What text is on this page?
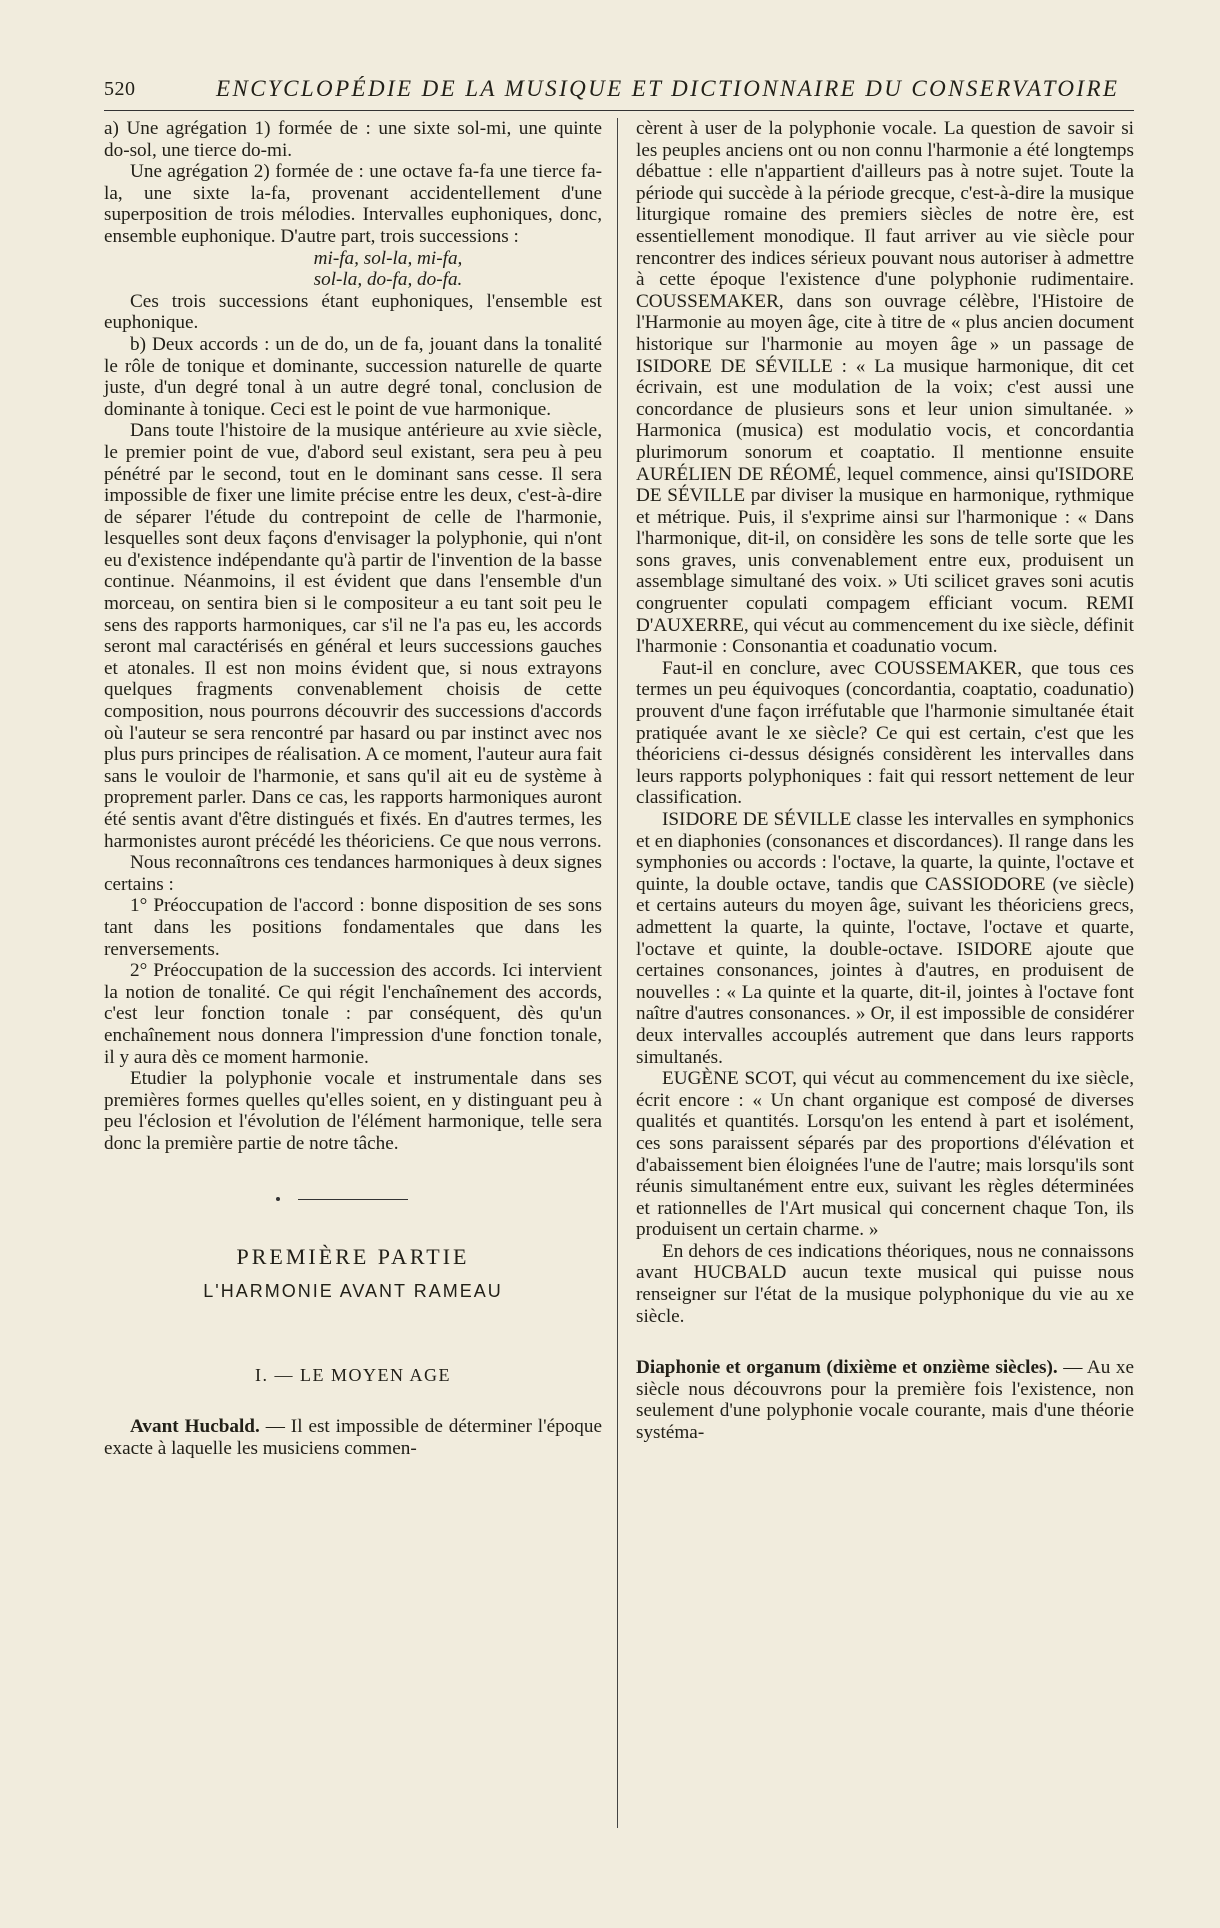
520	ENCYCLOPÉDIE DE LA MUSIQUE ET DICTIONNAIRE DU CONSERVATOIRE

a) Une agrégation 1) formée de : une sixte sol-mi, une quinte do-sol, une tierce do-mi.

Une agrégation 2) formée de : une octave fa-fa une tierce fa-la, une sixte la-fa, provenant accidentellement d'une superposition de trois mélodies. Intervalles euphoniques, donc, ensemble euphonique. D'autre part, trois successions :

mi-fa, sol-la, mi-fa,

sol-la, do-fa, do-fa.

Ces trois successions étant euphoniques, l'ensemble est euphonique.

b) Deux accords : un de do, un de fa, jouant dans la tonalité le rôle de tonique et dominante, succession naturelle de quarte juste, d'un degré tonal à un autre degré tonal, conclusion de dominante à tonique. Ceci est le point de vue harmonique.

Dans toute l'histoire de la musique antérieure au xvie siècle, le premier point de vue, d'abord seul existant, sera peu à peu pénétré par le second, tout en le dominant sans cesse. Il sera impossible de fixer une limite précise entre les deux, c'est-à-dire de séparer l'étude du contrepoint de celle de l'harmonie, lesquelles sont deux façons d'envisager la polyphonie, qui n'ont eu d'existence indépendante qu'à partir de l'invention de la basse continue. Néanmoins, il est évident que dans l'ensemble d'un morceau, on sentira bien si le compositeur a eu tant soit peu le sens des rapports harmoniques, car s'il ne l'a pas eu, les accords seront mal caractérisés en général et leurs successions gauches et atonales. Il est non moins évident que, si nous extrayons quelques fragments convenablement choisis de cette composition, nous pourrons découvrir des successions d'accords où l'auteur se sera rencontré par hasard ou par instinct avec nos plus purs principes de réalisation. A ce moment, l'auteur aura fait sans le vouloir de l'harmonie, et sans qu'il ait eu de système à proprement parler. Dans ce cas, les rapports harmoniques auront été sentis avant d'être distingués et fixés. En d'autres termes, les harmonistes auront précédé les théoriciens. Ce que nous verrons.

Nous reconnaîtrons ces tendances harmoniques à deux signes certains :

1° Préoccupation de l'accord : bonne disposition de ses sons tant dans les positions fondamentales que dans les renversements.

2° Préoccupation de la succession des accords. Ici intervient la notion de tonalité. Ce qui régit l'enchaînement des accords, c'est leur fonction tonale : par conséquent, dès qu'un enchaînement nous donnera l'impression d'une fonction tonale, il y aura dès ce moment harmonie.

Etudier la polyphonie vocale et instrumentale dans ses premières formes quelles qu'elles soient, en y distinguant peu à peu l'éclosion et l'évolution de l'élément harmonique, telle sera donc la première partie de notre tâche.

PREMIÈRE PARTIE
L'HARMONIE AVANT RAMEAU
I. — LE MOYEN AGE

Avant Hucbald. — Il est impossible de déterminer l'époque exacte à laquelle les musiciens commen-

cèrent à user de la polyphonie vocale. La question de savoir si les peuples anciens ont ou non connu l'harmonie a été longtemps débattue : elle n'appartient d'ailleurs pas à notre sujet. Toute la période qui succède à la période grecque, c'est-à-dire la musique liturgique romaine des premiers siècles de notre ère, est essentiellement monodique. Il faut arriver au vie siècle pour rencontrer des indices sérieux pouvant nous autoriser à admettre à cette époque l'existence d'une polyphonie rudimentaire. COUSSEMAKER, dans son ouvrage célèbre, l'Histoire de l'Harmonie au moyen âge, cite à titre de « plus ancien document historique sur l'harmonie au moyen âge » un passage de ISIDORE DE SÉVILLE : « La musique harmonique, dit cet écrivain, est une modulation de la voix; c'est aussi une concordance de plusieurs sons et leur union simultanée. » Harmonica (musica) est modulatio vocis, et concordantia plurimorum sonorum et coaptatio. Il mentionne ensuite AURÉLIEN DE RÉOMÉ, lequel commence, ainsi qu'ISIDORE DE SÉVILLE par diviser la musique en harmonique, rythmique et métrique. Puis, il s'exprime ainsi sur l'harmonique : « Dans l'harmonique, dit-il, on considère les sons de telle sorte que les sons graves, unis convenablement entre eux, produisent un assemblage simultané des voix. » Uti scilicet graves soni acutis congruenter copulati compagem efficiant vocum. REMI D'AUXERRE, qui vécut au commencement du ixe siècle, définit l'harmonie : Consonantia et coadunatio vocum.

Faut-il en conclure, avec COUSSEMAKER, que tous ces termes un peu équivoques (concordantia, coaptatio, coadunatio) prouvent d'une façon irréfutable que l'harmonie simultanée était pratiquée avant le xe siècle? Ce qui est certain, c'est que les théoriciens ci-dessus désignés considèrent les intervalles dans leurs rapports polyphoniques : fait qui ressort nettement de leur classification.

ISIDORE DE SÉVILLE classe les intervalles en symphonics et en diaphonies (consonances et discordances). Il range dans les symphonies ou accords : l'octave, la quarte, la quinte, l'octave et quinte, la double octave, tandis que CASSIODORE (ve siècle) et certains auteurs du moyen âge, suivant les théoriciens grecs, admettent la quarte, la quinte, l'octave, l'octave et quarte, l'octave et quinte, la double-octave. ISIDORE ajoute que certaines consonances, jointes à d'autres, en produisent de nouvelles : « La quinte et la quarte, dit-il, jointes à l'octave font naître d'autres consonances. » Or, il est impossible de considérer deux intervalles accouplés autrement que dans leurs rapports simultanés.

EUGÈNE SCOT, qui vécut au commencement du ixe siècle, écrit encore : « Un chant organique est composé de diverses qualités et quantités. Lorsqu'on les entend à part et isolément, ces sons paraissent séparés par des proportions d'élévation et d'abaissement bien éloignées l'une de l'autre; mais lorsqu'ils sont réunis simultanément entre eux, suivant les règles déterminées et rationnelles de l'Art musical qui concernent chaque Ton, ils produisent un certain charme. »

En dehors de ces indications théoriques, nous ne connaissons avant HUCBALD aucun texte musical qui puisse nous renseigner sur l'état de la musique polyphonique du vie au xe siècle.

Diaphonie et organum (dixième et onzième siècles). — Au xe siècle nous découvrons pour la première fois l'existence, non seulement d'une polyphonie vocale courante, mais d'une théorie systéma-
